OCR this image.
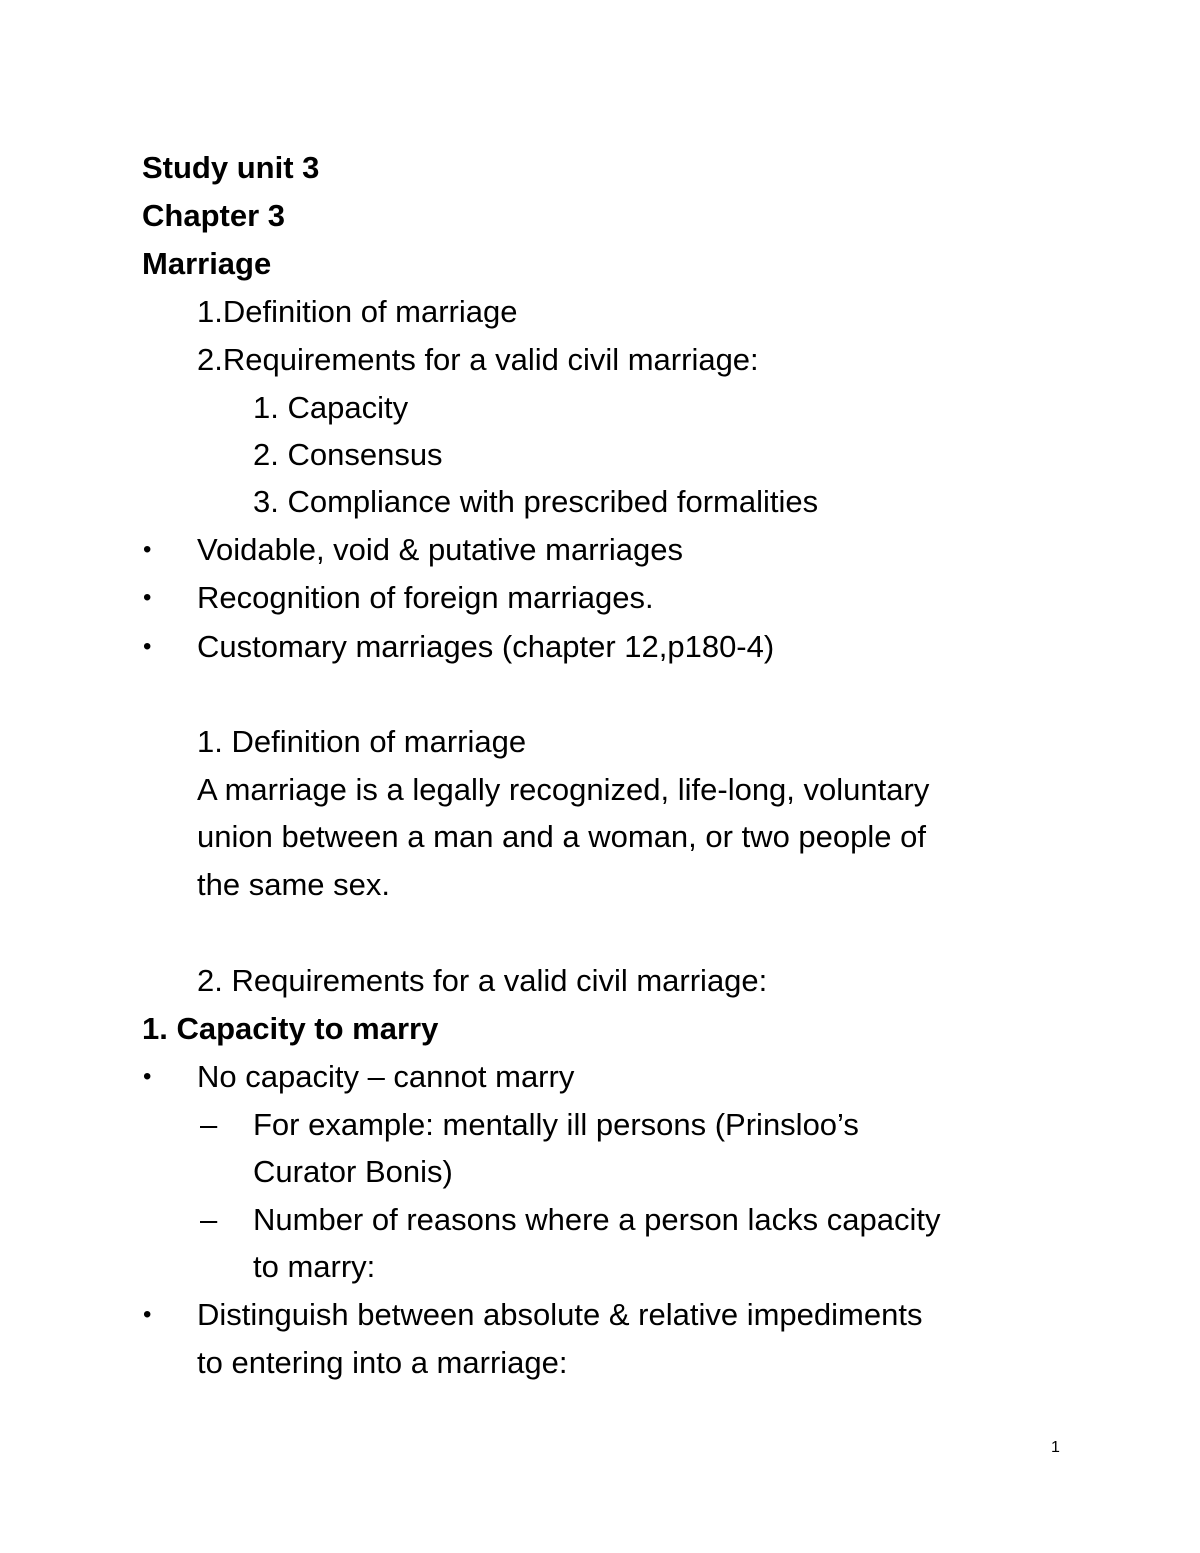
Study unit 3
Chapter 3
Marriage
1.Definition of marriage
2.Requirements for a valid civil marriage:
1. Capacity
2. Consensus
3. Compliance with prescribed formalities
• Voidable, void & putative marriages
• Recognition of foreign marriages.
• Customary marriages (chapter 12,p180-4)
1. Definition of marriage
A marriage is a legally recognized, life-long, voluntary
union between a man and a woman, or two people of
the same sex.
2. Requirements for a valid civil marriage:
1. Capacity to marry
• No capacity – cannot marry
– For example: mentally ill persons (Prinsloo’s
Curator Bonis)
– Number of reasons where a person lacks capacity
to marry:
• Distinguish between absolute & relative impediments
to entering into a marriage:
1
